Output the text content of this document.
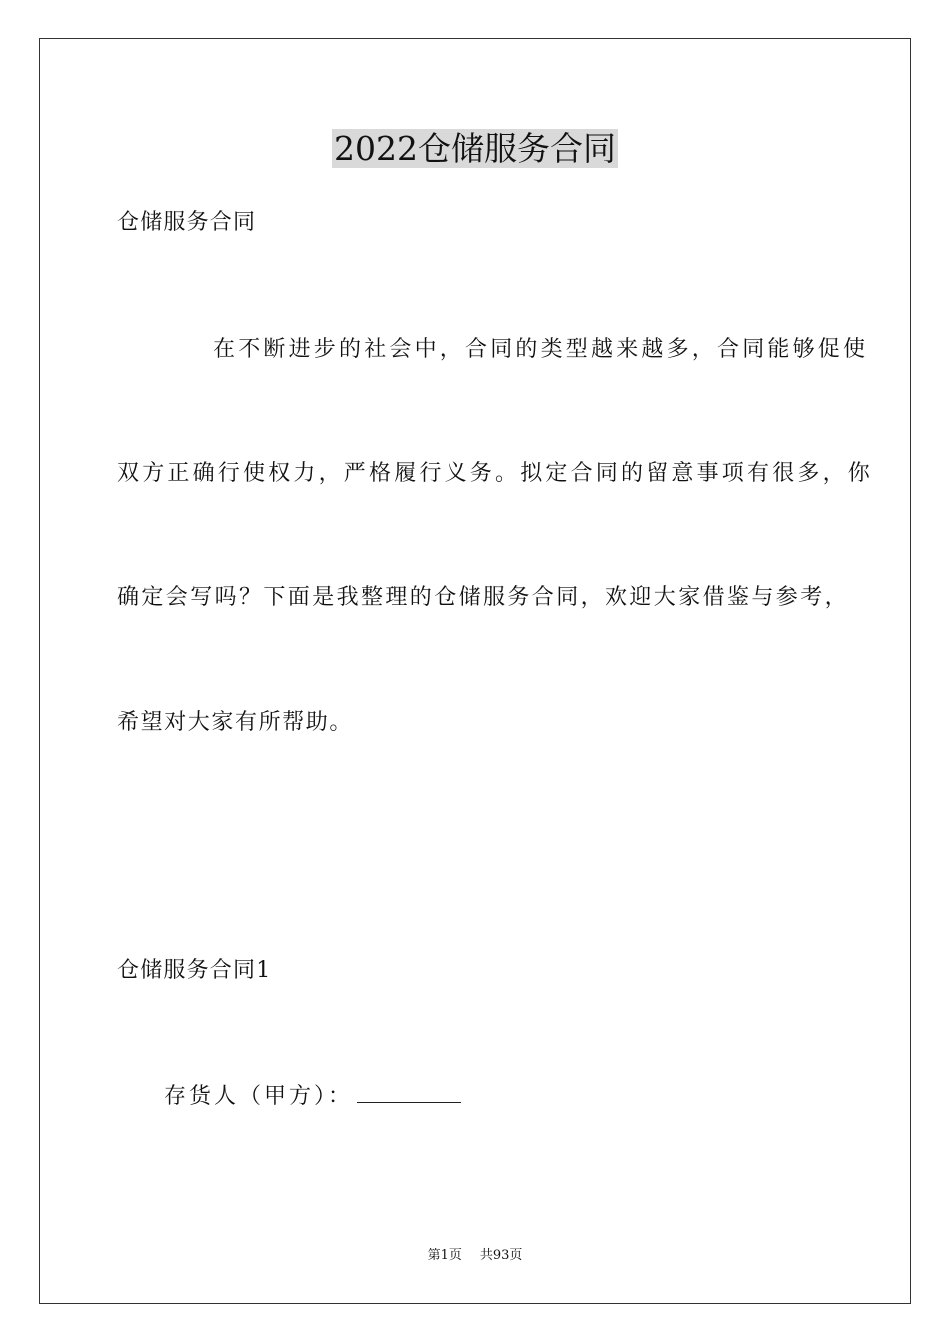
2022仓储服务合同

仓储服务合同

在不断进步的社会中，合同的类型越来越多，合同能够促使

双方正确行使权力，严格履行义务。拟定合同的留意事项有很多，你

确定会写吗？下面是我整理的仓储服务合同，欢迎大家借鉴与参考，

希望对大家有所帮助。

仓储服务合同1

存货人（甲方）：
第1页 共93页
